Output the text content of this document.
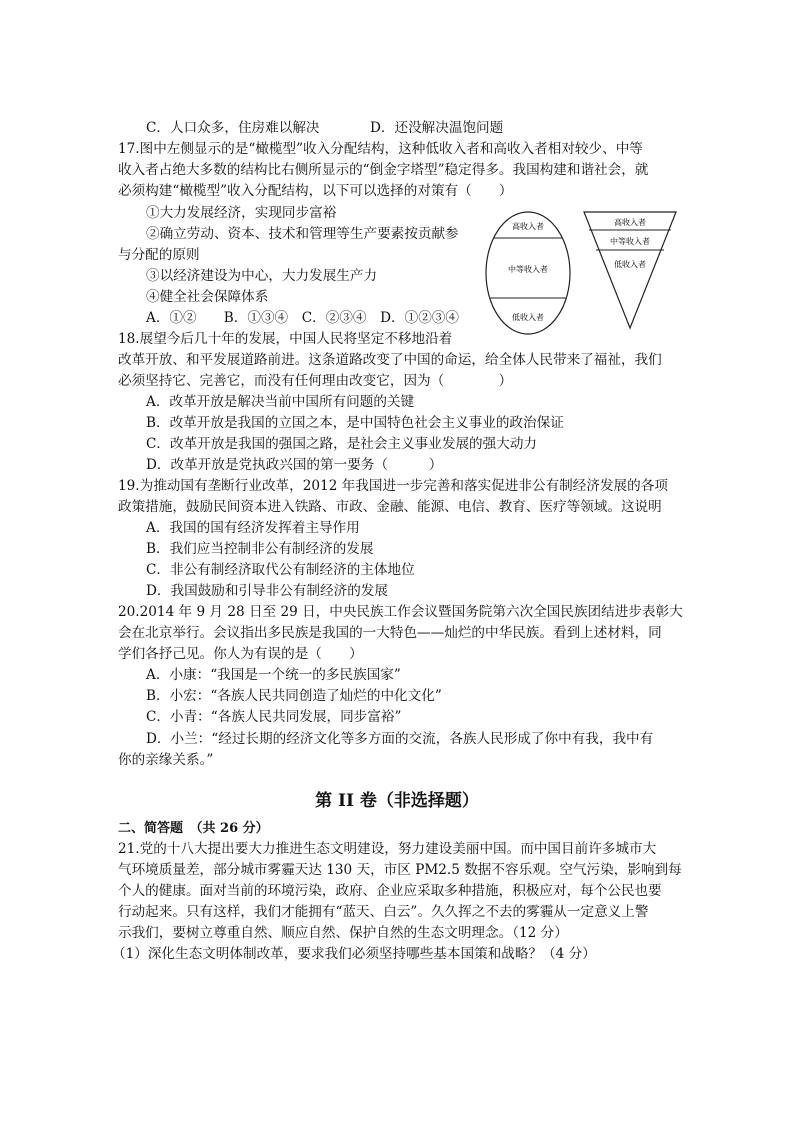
C．人口众多，住房难以解决	D．还没解决温饱问题
17.图中左侧显示的是“橄榄型”收入分配结构，这种低收入者和高收入者相对较少、中等
收入者占绝大多数的结构比右侧所显示的“倒金字塔型”稳定得多。我国构建和谐社会，就
必须构建“橄榄型”收入分配结构，以下可以选择的对策有（　　）
①大力发展经济，实现同步富裕
②确立劳动、资本、技术和管理等生产要素按贡献参
与分配的原则
③以经济建设为中心，大力发展生产力
④健全社会保障体系
A．①②　　B．①③④　C．②③④　D．①②③④
高收入者
中等收入者
低收入者
高收入者
中等收入者
低收入者
18.展望今后几十年的发展，中国人民将坚定不移地沿着
改革开放、和平发展道路前进。这条道路改变了中国的命运，给全体人民带来了福祉，我们
必须坚持它、完善它，而没有任何理由改变它，因为（　　　　）
A．改革开放是解决当前中国所有问题的关键
B．改革开放是我国的立国之本，是中国特色社会主义事业的政治保证
C．改革开放是我国的强国之路，是社会主义事业发展的强大动力
D．改革开放是党执政兴国的第一要务（　　　）
19.为推动国有垄断行业改革，2012 年我国进一步完善和落实促进非公有制经济发展的各项
政策措施，鼓励民间资本进入铁路、市政、金融、能源、电信、教育、医疗等领域。这说明
A．我国的国有经济发挥着主导作用
B．我们应当控制非公有制经济的发展
C．非公有制经济取代公有制经济的主体地位
D．我国鼓励和引导非公有制经济的发展
20.2014 年 9 月 28 日至 29 日，中央民族工作会议暨国务院第六次全国民族团结进步表彰大
会在北京举行。会议指出多民族是我国的一大特色——灿烂的中华民族。看到上述材料，同
学们各抒己见。你人为有误的是（　　）
A．小康：“我国是一个统一的多民族国家”
B．小宏：“各族人民共同创造了灿烂的中化文化”
C．小青：“各族人民共同发展，同步富裕”
D．小兰：“经过长期的经济文化等多方面的交流，各族人民形成了你中有我，我中有
你的亲缘关系。”
第 II 卷（非选择题）
二、简答题　（共 26 分）
21.党的十八大提出要大力推进生态文明建设，努力建设美丽中国。而中国目前许多城市大
气环境质量差，部分城市雾霾天达 130 天，市区 PM2.5 数据不容乐观。空气污染，影响到每
个人的健康。面对当前的环境污染，政府、企业应采取多种措施，积极应对，每个公民也要
行动起来。只有这样，我们才能拥有“蓝天、白云”。久久挥之不去的雾霾从一定意义上警
示我们，要树立尊重自然、顺应自然、保护自然的生态文明理念。（12 分）
（1）深化生态文明体制改革，要求我们必须坚持哪些基本国策和战略？（4 分）
